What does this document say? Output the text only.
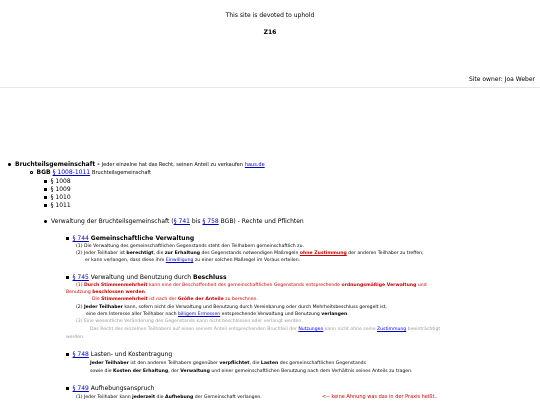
This site is devoted to uphold
Z16
Site owner: Joa Weber
Bruchteilsgemeinschaft - Jeder einzelne hat das Recht, seinen Anteil zu verkaufen haus.de
BGB § 1008-1011 Bruchteilsgemeinschaft
§ 1008
§ 1009
§ 1010
§ 1011
Verwaltung der Bruchteilsgemeinschaft (§ 741 bis § 758 BGB) - Rechte und Pflichten
§ 744 Gemeinschaftliche Verwaltung
(1) Die Verwaltung des gemeinschaftlichen Gegenstands steht den Teilhabern gemeinschaftlich zu.
(2) Jeder Teilhaber ist berechtigt, die zur Erhaltung des Gegenstands notwendigen Maßregeln ohne Zustimmung der anderen Teilhaber zu treffen;
er kann verlangen, dass diese ihre Einwilligung zu einer solchen Maßregel im Voraus erteilen.
§ 745 Verwaltung und Benutzung durch Beschluss
(1) Durch Stimmenmehrheit kann eine der Beschaffenheit des gemeinschaftlichen Gegenstands entsprechende ordnungsmäßige Verwaltung und
Benutzung beschlossen werden.
Die Stimmenmehrheit ist nach der Größe der Anteile zu berechnen.
(2) Jeder Teilhaber kann, sofern nicht die Verwaltung und Benutzung durch Vereinbarung oder durch Mehrheitsbeschluss geregelt ist,
eine dem Interesse aller Teilhaber nach billigem Ermessen entsprechende Verwaltung und Benutzung verlangen.
(3) Eine wesentliche Veränderung des Gegenstands kann nicht beschlossen oder verlangt werden.
Das Recht des einzelnen Teilhabers auf einen seinem Anteil entsprechenden Bruchteil der Nutzungen kann nicht ohne seine Zustimmung beeinträchtigt
werden.
§ 748 Lasten- und Kostentragung
Jeder Teilhaber ist den anderen Teilhabern gegenüber verpflichtet, die Lasten des gemeinschaftlichen Gegenstands
sowie die Kosten der Erhaltung, der Verwaltung und einer gemeinschaftlichen Benutzung nach dem Verhältnis seines Anteils zu tragen.
§ 749 Aufhebungsanspruch
(1) Jeder Teilhaber kann jederzeit die Aufhebung der Gemeinschaft verlangen.	<-- keine Ahnung was das in der Praxis heißt..
